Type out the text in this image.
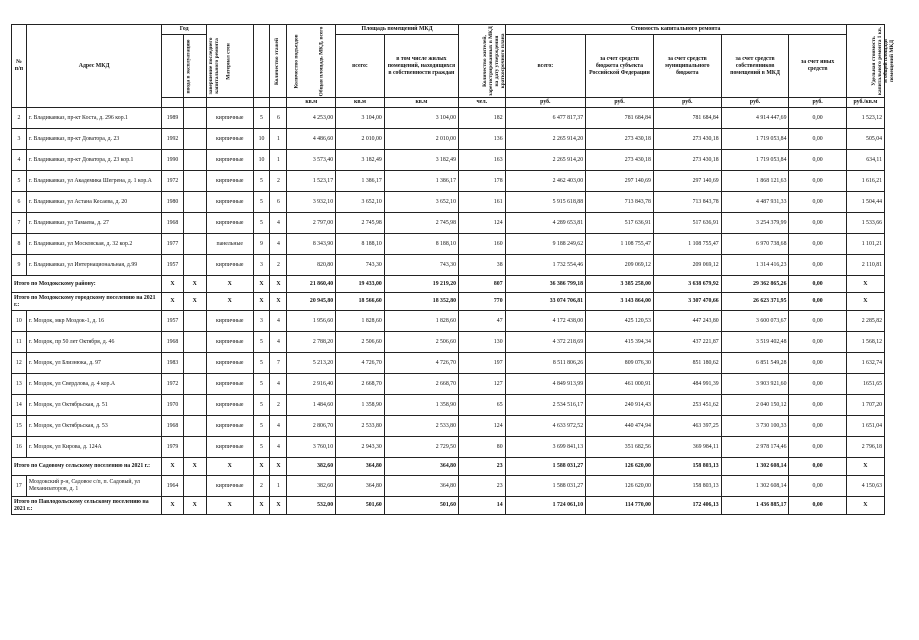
№ п/п	Адрес МКД	Год		Материал стен	Количество этажей	Количество подъездов	Общая площадь МКД, всего	Площадь помещений МКД		Количество жителей, зарегистрированных в МКД на дату утверждения краткосрочного плана	Стоимость капитального ремонта					Удельная стоимость капитального ремонта 1 кв. м общей площади помещений МКД
		ввода в эксплуатацию	завершение последнего капитального ремонта					всего:	в том числе жилых помещений, находящихся в собственности граждан		всего:	за счет средств бюджета субъекта Российской Федерации	за счет средств муниципального бюджета	за счет средств собственников помещений в МКД	за счет иных средств	
							кв.м	кв.м	кв.м	чел.	руб.	руб.	руб.	руб.	руб.	руб./кв.м
2	г. Владикавказ, пр-кт Коста, д. 296 кор.1	1989		кирпичные	5	6	4 253,00	3 104,00	3 104,00	182	6 477 817,37	781 684,84	781 684,84	4 914 447,69	0,00	1 523,12
3	г. Владикавказ, пр-кт Доватора, д. 23	1992		кирпичные	10	1	4 486,60	2 010,00	2 010,00	136	2 265 914,20	273 430,18	273 430,18	1 719 053,84	0,00	505,04
4	г. Владикавказ, пр-кт Доватора, д. 23 кор.1	1990		кирпичные	10	1	3 573,40	3 182,49	3 182,49	163	2 265 914,20	273 430,18	273 430,18	1 719 053,84	0,00	634,11
5	г. Владикавказ, ул Академика Шегрена, д. 1 кор.А	1972		кирпичные	5	2	1 523,17	1 386,17	1 386,17	178	2 462 403,00	297 140,69	297 140,69	1 868 121,63	0,00	1 616,21
6	г. Владикавказ, ул Астана Кесаева, д. 20	1980		кирпичные	5	6	3 932,10	3 652,10	3 652,10	161	5 915 618,88	713 843,78	713 843,78	4 487 931,33	0,00	1 504,44
7	г. Владикавказ, ул Тамаева, д. 27	1968		кирпичные	5	4	2 797,00	2 745,98	2 745,98	124	4 289 653,81	517 636,91	517 636,91	3 254 379,99	0,00	1 533,66
8	г. Владикавказ, ул Московская, д. 32 кор.2	1977		панельные	9	4	8 343,90	8 188,10	8 188,10	160	9 188 249,62	1 108 755,47	1 108 755,47	6 970 738,68	0,00	1 101,21
9	г. Владикавказ, ул Интернациональная, д.99	1957		кирпичные	3	2	820,80	743,30	743,30	38	1 732 554,46	209 069,12	209 069,12	1 314 416,23	0,00	2 110,81
Итого по Моздокскому району:		X	X	X	X	X	21 860,40	19 433,00	19 219,20	807	36 386 799,18	3 385 258,00	3 638 679,92	29 362 865,26	0,00	X
Итого по Моздокскому городскому поселению на 2021 г.:		X	X	X	X	X	20 945,80	18 566,60	18 352,80	770	33 074 706,81	3 143 864,00	3 307 470,66	26 623 371,95	0,00	X
10	г. Моздок, мкр Моздок-1, д. 16	1957		кирпичные	3	4	1 956,60	1 828,60	1 828,60	47	4 172 438,00	425 120,53	447 243,80	3 600 073,67	0,00	2 285,82
11	г. Моздок, пр 50 лет Октября, д. 46	1968		кирпичные	5	4	2 788,20	2 506,60	2 506,60	130	4 372 218,69	415 394,34	437 221,87	3 519 402,48	0,00	1 568,12
12	г. Моздок, ул Близнюка, д. 97	1983		кирпичные	5	7	5 213,20	4 726,70	4 726,70	197	8 511 806,26	809 076,30	851 180,62	6 851 549,28	0,00	1 632,74
13	г. Моздок, ул Свердлова, д. 4 кор.А	1972		кирпичные	5	4	2 916,40	2 668,70	2 668,70	127	4 849 913,99	461 000,91	484 991,39	3 903 921,60	0,00	1651,65
14	г. Моздок, ул Октябрьская, д. 51	1970		кирпичные	5	2	1 484,60	1 358,90	1 358,90	65	2 534 516,17	240 914,43	253 451,62	2 040 150,12	0,00	1 707,20
15	г. Моздок, ул Октябрьская, д. 53	1968		кирпичные	5	4	2 806,70	2 533,80	2 533,80	124	4 633 972,52	440 474,94	463 397,25	3 730 100,33	0,00	1 651,04
16	г. Моздок, ул Кирова, д. 124А	1979		кирпичные	5	4	3 760,10	2 943,30	2 729,50	80	3 699 841,13	351 682,56	369 984,11	2 978 174,46	0,00	2 796,18
Итого по Садовому сельскому поселению на 2021 г.:		X	X	X	X	X	382,60	364,80	364,80	23	1 588 031,27	126 620,00	158 803,13	1 302 608,14	0,00	X
17	Моздокский р-н, Садовое с/п, п. Садовый, ул Механизаторов, д. 1	1964		кирпичные	2	1	382,60	364,80	364,80	23	1 588 031,27	126 620,00	158 803,13	1 302 608,14	0,00	4 150,63
Итого по Павлодольскому сельскому поселению на 2021 г.:		X	X	X	X	X	532,00	501,60	501,60	14	1 724 061,10	114 770,00	172 406,13	1 436 885,17	0,00	X
